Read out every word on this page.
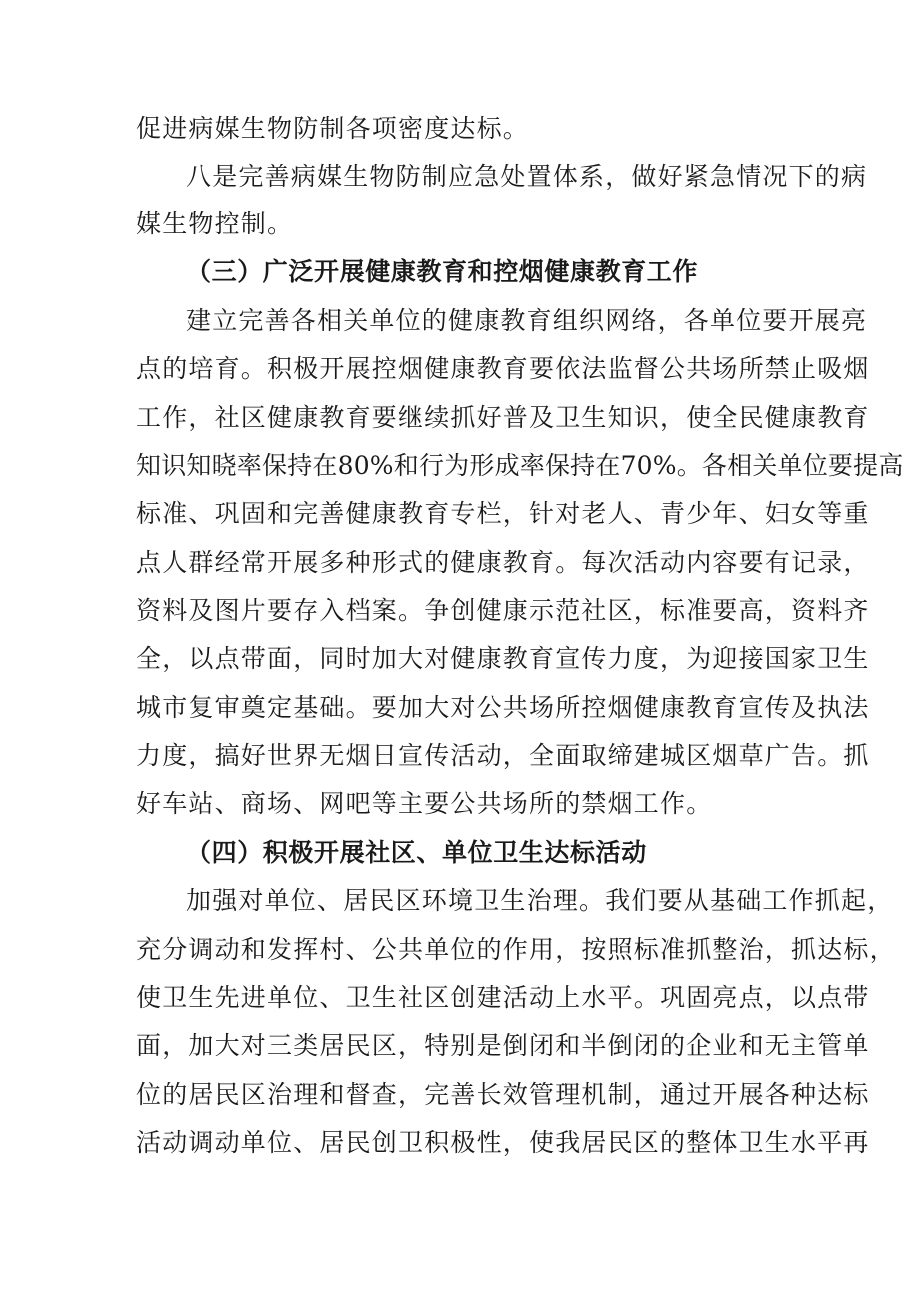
促进病媒生物防制各项密度达标。
八是完善病媒生物防制应急处置体系，做好紧急情况下的病
媒生物控制。
（三）广泛开展健康教育和控烟健康教育工作
建立完善各相关单位的健康教育组织网络，各单位要开展亮
点的培育。积极开展控烟健康教育要依法监督公共场所禁止吸烟
工作，社区健康教育要继续抓好普及卫生知识，使全民健康教育
知识知晓率保持在80%和行为形成率保持在70%。各相关单位要提高
标准、巩固和完善健康教育专栏，针对老人、青少年、妇女等重
点人群经常开展多种形式的健康教育。每次活动内容要有记录，
资料及图片要存入档案。争创健康示范社区，标准要高，资料齐
全，以点带面，同时加大对健康教育宣传力度，为迎接国家卫生
城市复审奠定基础。要加大对公共场所控烟健康教育宣传及执法
力度，搞好世界无烟日宣传活动，全面取缔建城区烟草广告。抓
好车站、商场、网吧等主要公共场所的禁烟工作。
（四）积极开展社区、单位卫生达标活动
加强对单位、居民区环境卫生治理。我们要从基础工作抓起，
充分调动和发挥村、公共单位的作用，按照标准抓整治，抓达标，
使卫生先进单位、卫生社区创建活动上水平。巩固亮点，以点带
面，加大对三类居民区，特别是倒闭和半倒闭的企业和无主管单
位的居民区治理和督查，完善长效管理机制，通过开展各种达标
活动调动单位、居民创卫积极性，使我居民区的整体卫生水平再
